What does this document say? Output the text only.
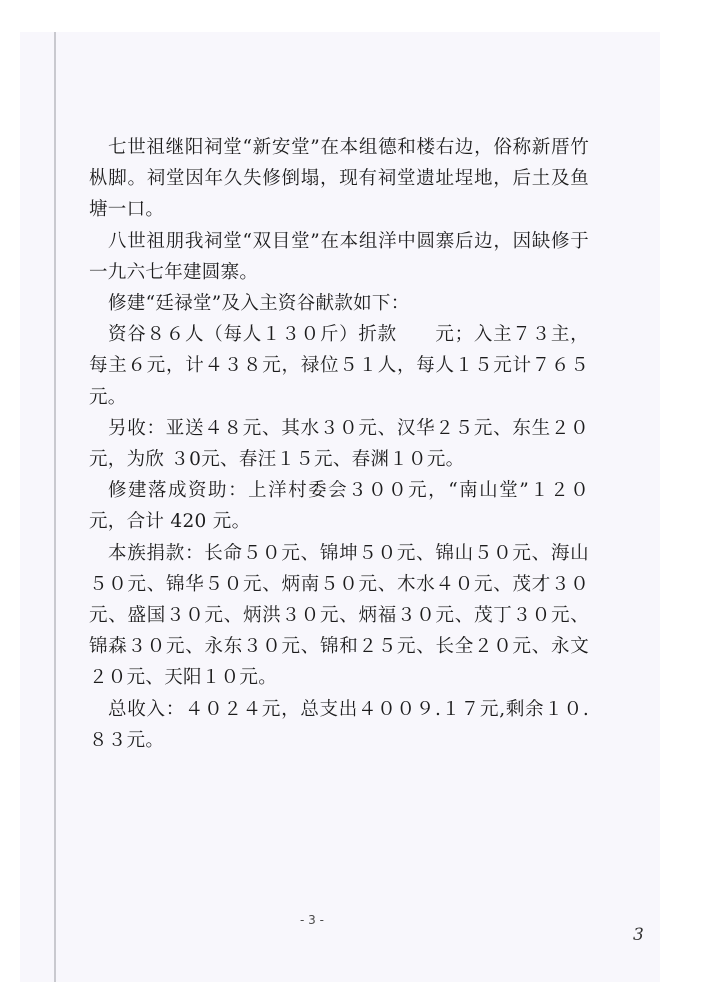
七世祖继阳祠堂“新安堂”在本组德和楼右边，俗称新厝竹枞脚。祠堂因年久失修倒塌，现有祠堂遗址埕地，后土及鱼塘一口。

八世祖朋我祠堂“双目堂”在本组洋中圆寨后边，因缺修于一九六七年建圆寨。

修建“廷禄堂”及入主资谷献款如下：

资谷８６人（每人１３０斤）折款　　元；入主７３主，每主６元，计４３８元，禄位５１人，每人１５元计７６５元。

另收：亚送４８元、其水３０元、汉华２５元、东生２０元，为欣 ３0元、春汪１５元、春渊１０元。

修建落成资助：上洋村委会３００元，“南山堂”１２０元，合计 420 元。

本族捐款：长命５０元、锦坤５０元、锦山５０元、海山５０元、锦华５０元、炳南５０元、木水４０元、茂才３０元、盛国３０元、炳洪３０元、炳福３０元、茂丁３０元、锦森３０元、永东３０元、锦和２５元、长全２０元、永文２０元、天阳１０元。

总收入：４０２４元，总支出４００９.１７元,剩余１０.８３元。

- 3 -
3
